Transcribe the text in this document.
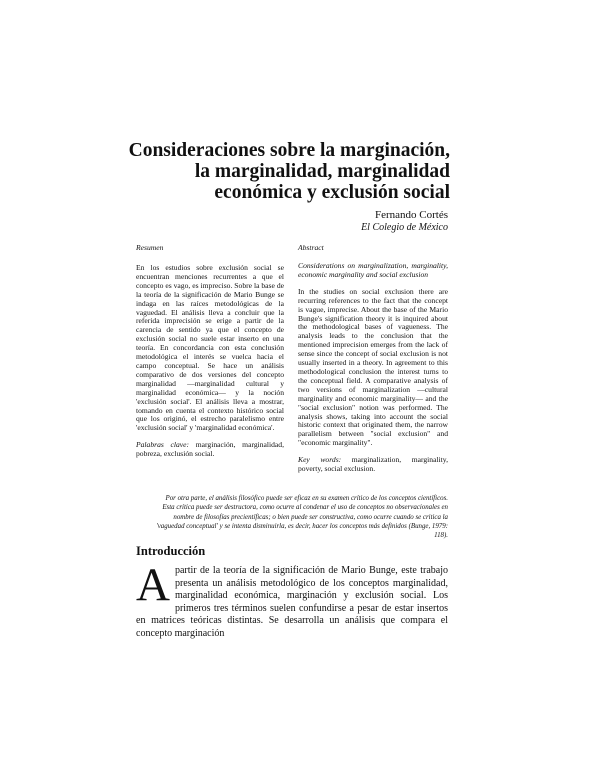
Consideraciones sobre la marginación,
la marginalidad, marginalidad
económica y exclusión social
Fernando Cortés
El Colegio de México
Resumen	Abstract

En los estudios sobre exclusión social se encuentran menciones recurrentes a que el concepto es vago, es impreciso. Sobre la base de la teoría de la significación de Mario Bunge se indaga en las raíces metodológicas de la vaguedad. El análisis lleva a concluir que la referida imprecisión se erige a partir de la carencia de sentido ya que el concepto de exclusión social no suele estar inserto en una teoría. En concordancia con esta conclusión metodológica el interés se vuelca hacia el campo conceptual. Se hace un análisis comparativo de dos versiones del concepto marginalidad —marginalidad cultural y marginalidad económica— y la noción 'exclusión social'. El análisis lleva a mostrar, tomando en cuenta el contexto histórico social que los originó, el estrecho paralelismo entre 'exclusión social' y 'marginalidad económica'.

Palabras clave: marginación, marginalidad, pobreza, exclusión social.

Considerations on marginalization, marginality, economic marginality and social exclusion

In the studies on social exclusion there are recurring references to the fact that the concept is vague, imprecise. About the base of the Mario Bunge's signification theory it is inquired about the methodological bases of vagueness. The analysis leads to the conclusion that the mentioned imprecision emerges from the lack of sense since the concept of social exclusion is not usually inserted in a theory. In agreement to this methodological conclusion the interest turns to the conceptual field. A comparative analysis of two versions of marginalization —cultural marginality and economic marginality— and the "social exclusion" notion was performed. The analysis shows, taking into account the social historic context that originated them, the narrow parallelism between "social exclusion" and "economic marginality".

Key words: marginalization, marginality, poverty, social exclusion.

Por otra parte, el análisis filosófico puede ser eficaz en su examen crítico de los conceptos científicos. Esta crítica puede ser destructora, como ocurre al condenar el uso de conceptos no observacionales en nombre de filosofías precientíficas; o bien puede ser constructiva, como ocurre cuando se critica la 'vaguedad conceptual' y se intenta disminuirla, es decir, hacer los conceptos más definidos (Bunge, 1979: 118).
Introducción
Apartir de la teoría de la significación de Mario Bunge, este trabajo presenta un análisis metodológico de los conceptos marginalidad, marginalidad económica, marginación y exclusión social. Los primeros tres términos suelen confundirse a pesar de estar insertos en matrices teóricas distintas. Se desarrolla un análisis que compara el concepto marginación
